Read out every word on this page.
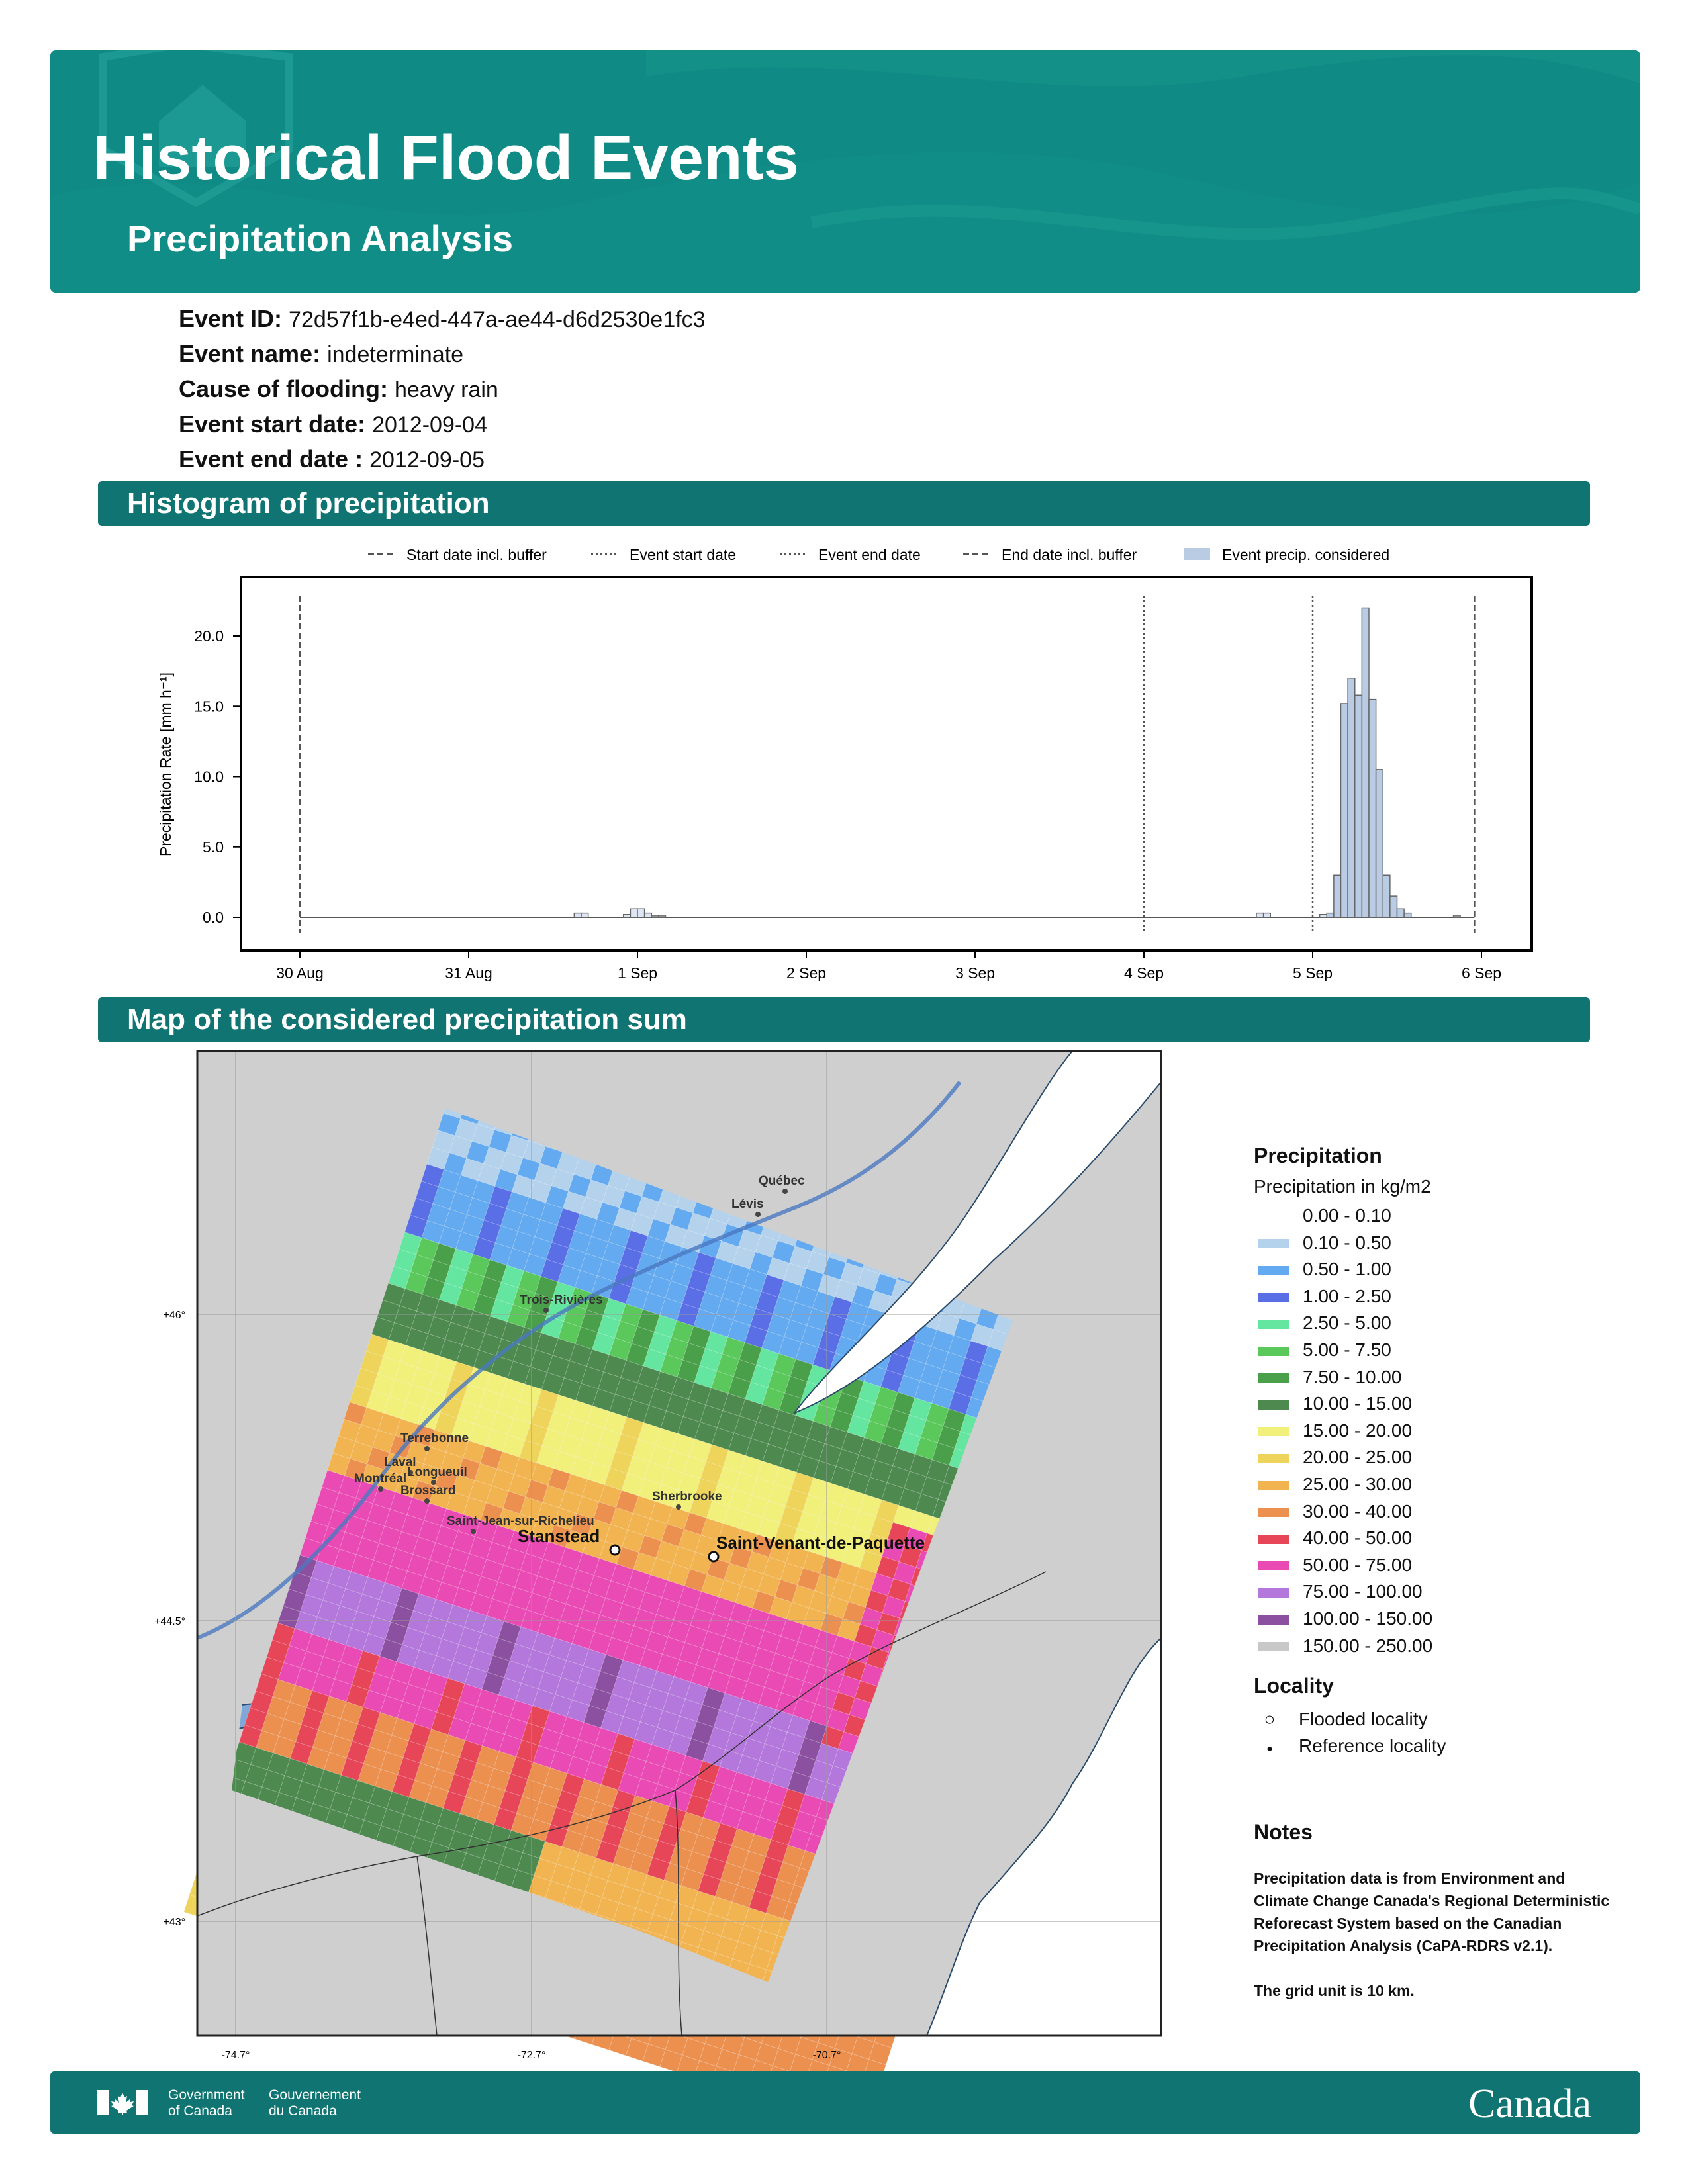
Historical Flood Events
Precipitation Analysis
Event ID: 72d57f1b-e4ed-447a-ae44-d6d2530e1fc3
Event name: indeterminate
Cause of flooding: heavy rain
Event start date: 2012-09-04
Event end date : 2012-09-05
Histogram of precipitation
Start date incl. buffer	Event start date	Event end date	End date incl. buffer	Event precip. considered
0.0
5.0
10.0
15.0
20.0
Precipitation Rate [mm h⁻¹]
30 Aug	31 Aug	1 Sep	2 Sep	3 Sep	4 Sep	5 Sep	6 Sep
Map of the considered precipitation sum
+46°
+44.5°
+43°
-74.7°	-72.7°	-70.7°
Québec
Lévis
Trois-Rivières
Terrebonne
Laval
Montréal Longueuil
Brossard	Sherbrooke
Saint-Jean-sur-Richelieu
Stanstead	Saint-Venant-de-Paquette
Precipitation
Precipitation in kg/m2
0.00 - 0.10
0.10 - 0.50
0.50 - 1.00
1.00 - 2.50
2.50 - 5.00
5.00 - 7.50
7.50 - 10.00
10.00 - 15.00
15.00 - 20.00
20.00 - 25.00
25.00 - 30.00
30.00 - 40.00
40.00 - 50.00
50.00 - 75.00
75.00 - 100.00
100.00 - 150.00
150.00 - 250.00
Locality
○ Flooded locality
● Reference locality
Notes

Precipitation data is from Environment and Climate Change Canada's Regional Deterministic Reforecast System based on the Canadian Precipitation Analysis (CaPA-RDRS v2.1).

The grid unit is 10 km.

Government
of Canada
Gouvernement
du Canada	Canada
